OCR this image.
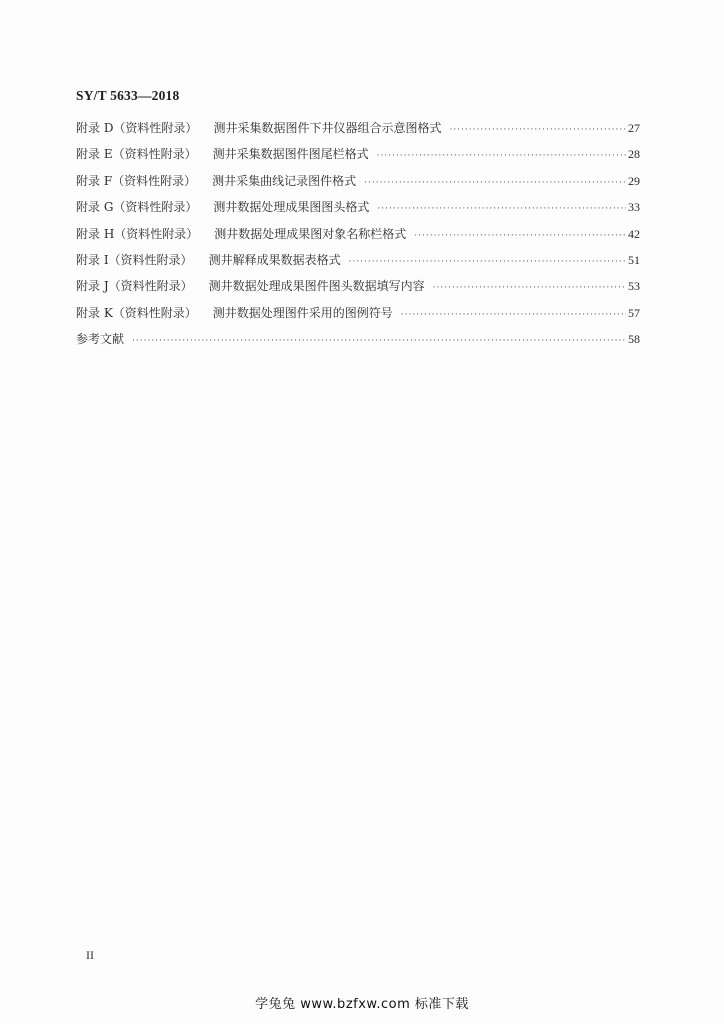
SY/T 5633—2018
附录 D（资料性附录） 测井采集数据图件下井仪器组合示意图格式 ·····	27
附录 E（资料性附录） 测井采集数据图件图尾栏格式 ·····	28
附录 F（资料性附录） 测井采集曲线记录图件格式 ·····	29
附录 G（资料性附录） 测井数据处理成果图图头格式 ·····	33
附录 H（资料性附录） 测井数据处理成果图对象名称栏格式 ·····	42
附录 I（资料性附录） 测井解释成果数据表格式 ·····	51
附录 J（资料性附录） 测井数据处理成果图件图头数据填写内容 ·····	53
附录 K（资料性附录） 测井数据处理图件采用的图例符号 ·····	57
参考文献 ·····	58
II
学兔兔 www.bzfxw.com 标准下载
